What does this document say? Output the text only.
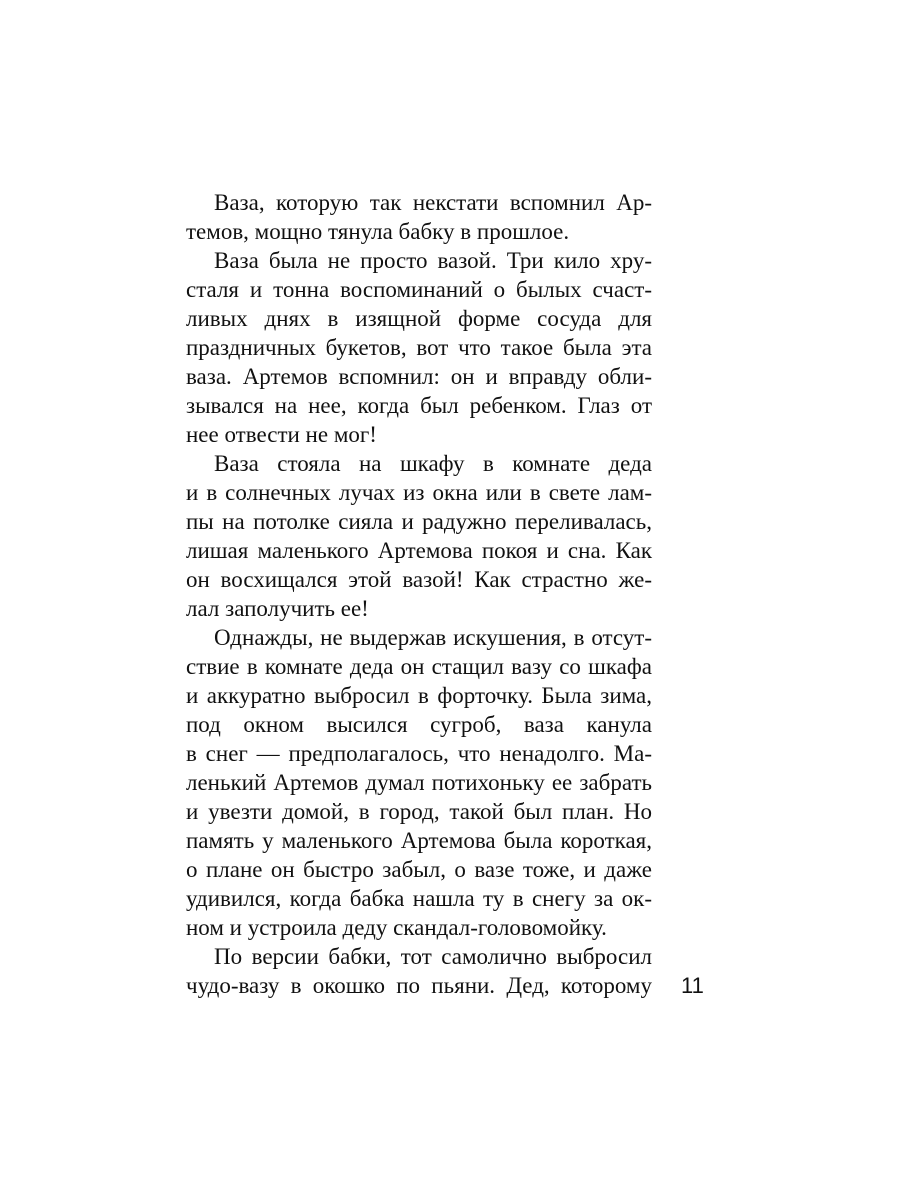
Ваза, которую так некстати вспомнил Ар-
темов, мощно тянула бабку в прошлое.
Ваза была не просто вазой. Три кило хру-
сталя и тонна воспоминаний о былых счаст-
ливых днях в изящной форме сосуда для
праздничных букетов, вот что такое была эта
ваза. Артемов вспомнил: он и вправду обли-
зывался на нее, когда был ребенком. Глаз от
нее отвести не мог!
Ваза стояла на шкафу в комнате деда
и в солнечных лучах из окна или в свете лам-
пы на потолке сияла и радужно переливалась,
лишая маленького Артемова покоя и сна. Как
он восхищался этой вазой! Как страстно же-
лал заполучить ее!
Однажды, не выдержав искушения, в отсут-
ствие в комнате деда он стащил вазу со шкафа
и аккуратно выбросил в форточку. Была зима,
под окном высился сугроб, ваза канула
в снег — предполагалось, что ненадолго. Ма-
ленький Артемов думал потихоньку ее забрать
и увезти домой, в город, такой был план. Но
память у маленького Артемова была короткая,
о плане он быстро забыл, о вазе тоже, и даже
удивился, когда бабка нашла ту в снегу за ок-
ном и устроила деду скандал-головомойку.
По версии бабки, тот самолично выбросил
чудо-вазу в окошко по пьяни. Дед, которому 11
